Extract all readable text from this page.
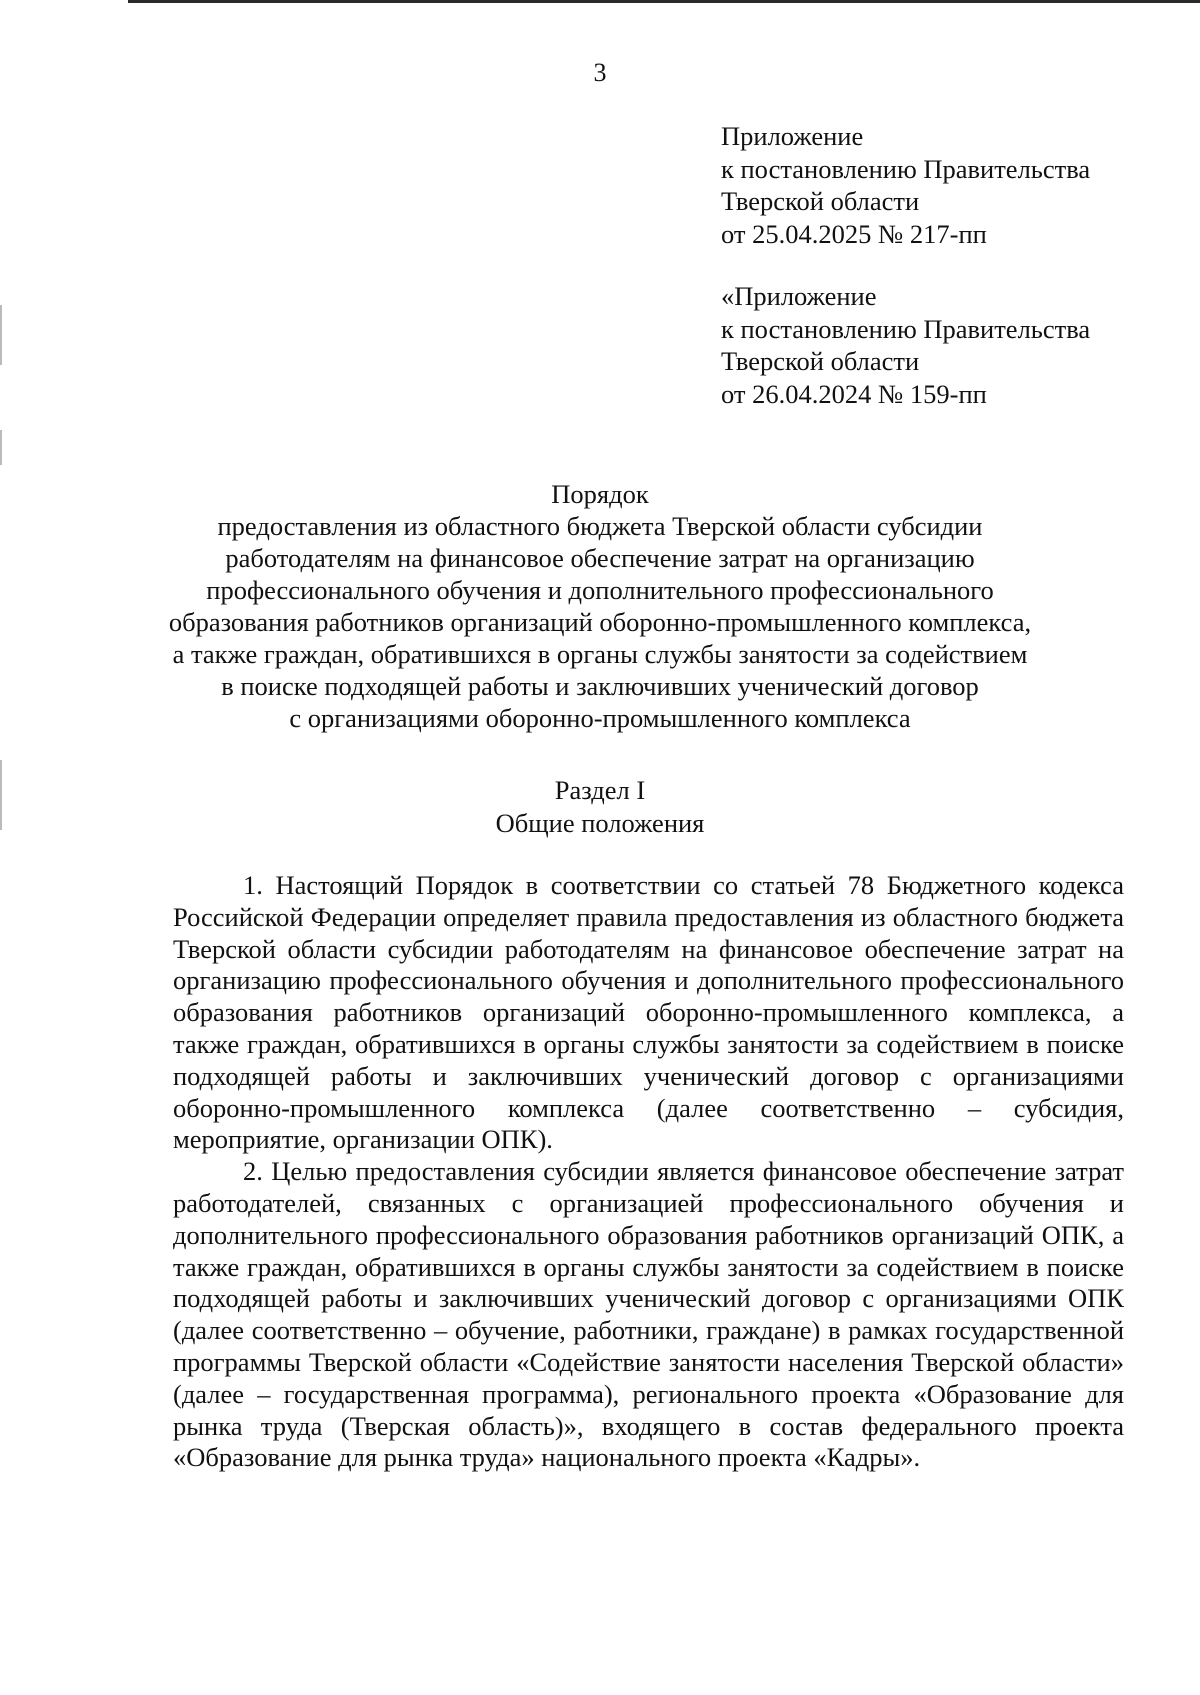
3
Приложение
к постановлению Правительства
Тверской области
от 25.04.2025 № 217-пп
«Приложение
к постановлению Правительства
Тверской области
от 26.04.2024 № 159-пп
Порядок
предоставления из областного бюджета Тверской области субсидии
работодателям на финансовое обеспечение затрат на организацию
профессионального обучения и дополнительного профессионального
образования работников организаций оборонно-промышленного комплекса,
а также граждан, обратившихся в органы службы занятости за содействием
в поиске подходящей работы и заключивших ученический договор
с организациями оборонно-промышленного комплекса
Раздел I
Общие положения

1. Настоящий Порядок в соответствии со статьей 78 Бюджетного кодекса Российской Федерации определяет правила предоставления из областного бюджета Тверской области субсидии работодателям на финансовое обеспечение затрат на организацию профессионального обучения и дополнительного профессионального образования работников организаций оборонно-промышленного комплекса, а также граждан, обратившихся в органы службы занятости за содействием в поиске подходящей работы и заключивших ученический договор с организациями оборонно-промышленного комплекса (далее соответственно – субсидия, мероприятие, организации ОПК).

2. Целью предоставления субсидии является финансовое обеспечение затрат работодателей, связанных с организацией профессионального обучения и дополнительного профессионального образования работников организаций ОПК, а также граждан, обратившихся в органы службы занятости за содействием в поиске подходящей работы и заключивших ученический договор с организациями ОПК (далее соответственно – обучение, работники, граждане) в рамках государственной программы Тверской области «Содействие занятости населения Тверской области» (далее – государственная программа), регионального проекта «Образование для рынка труда (Тверская область)», входящего в состав федерального проекта «Образование для рынка труда» национального проекта «Кадры».
